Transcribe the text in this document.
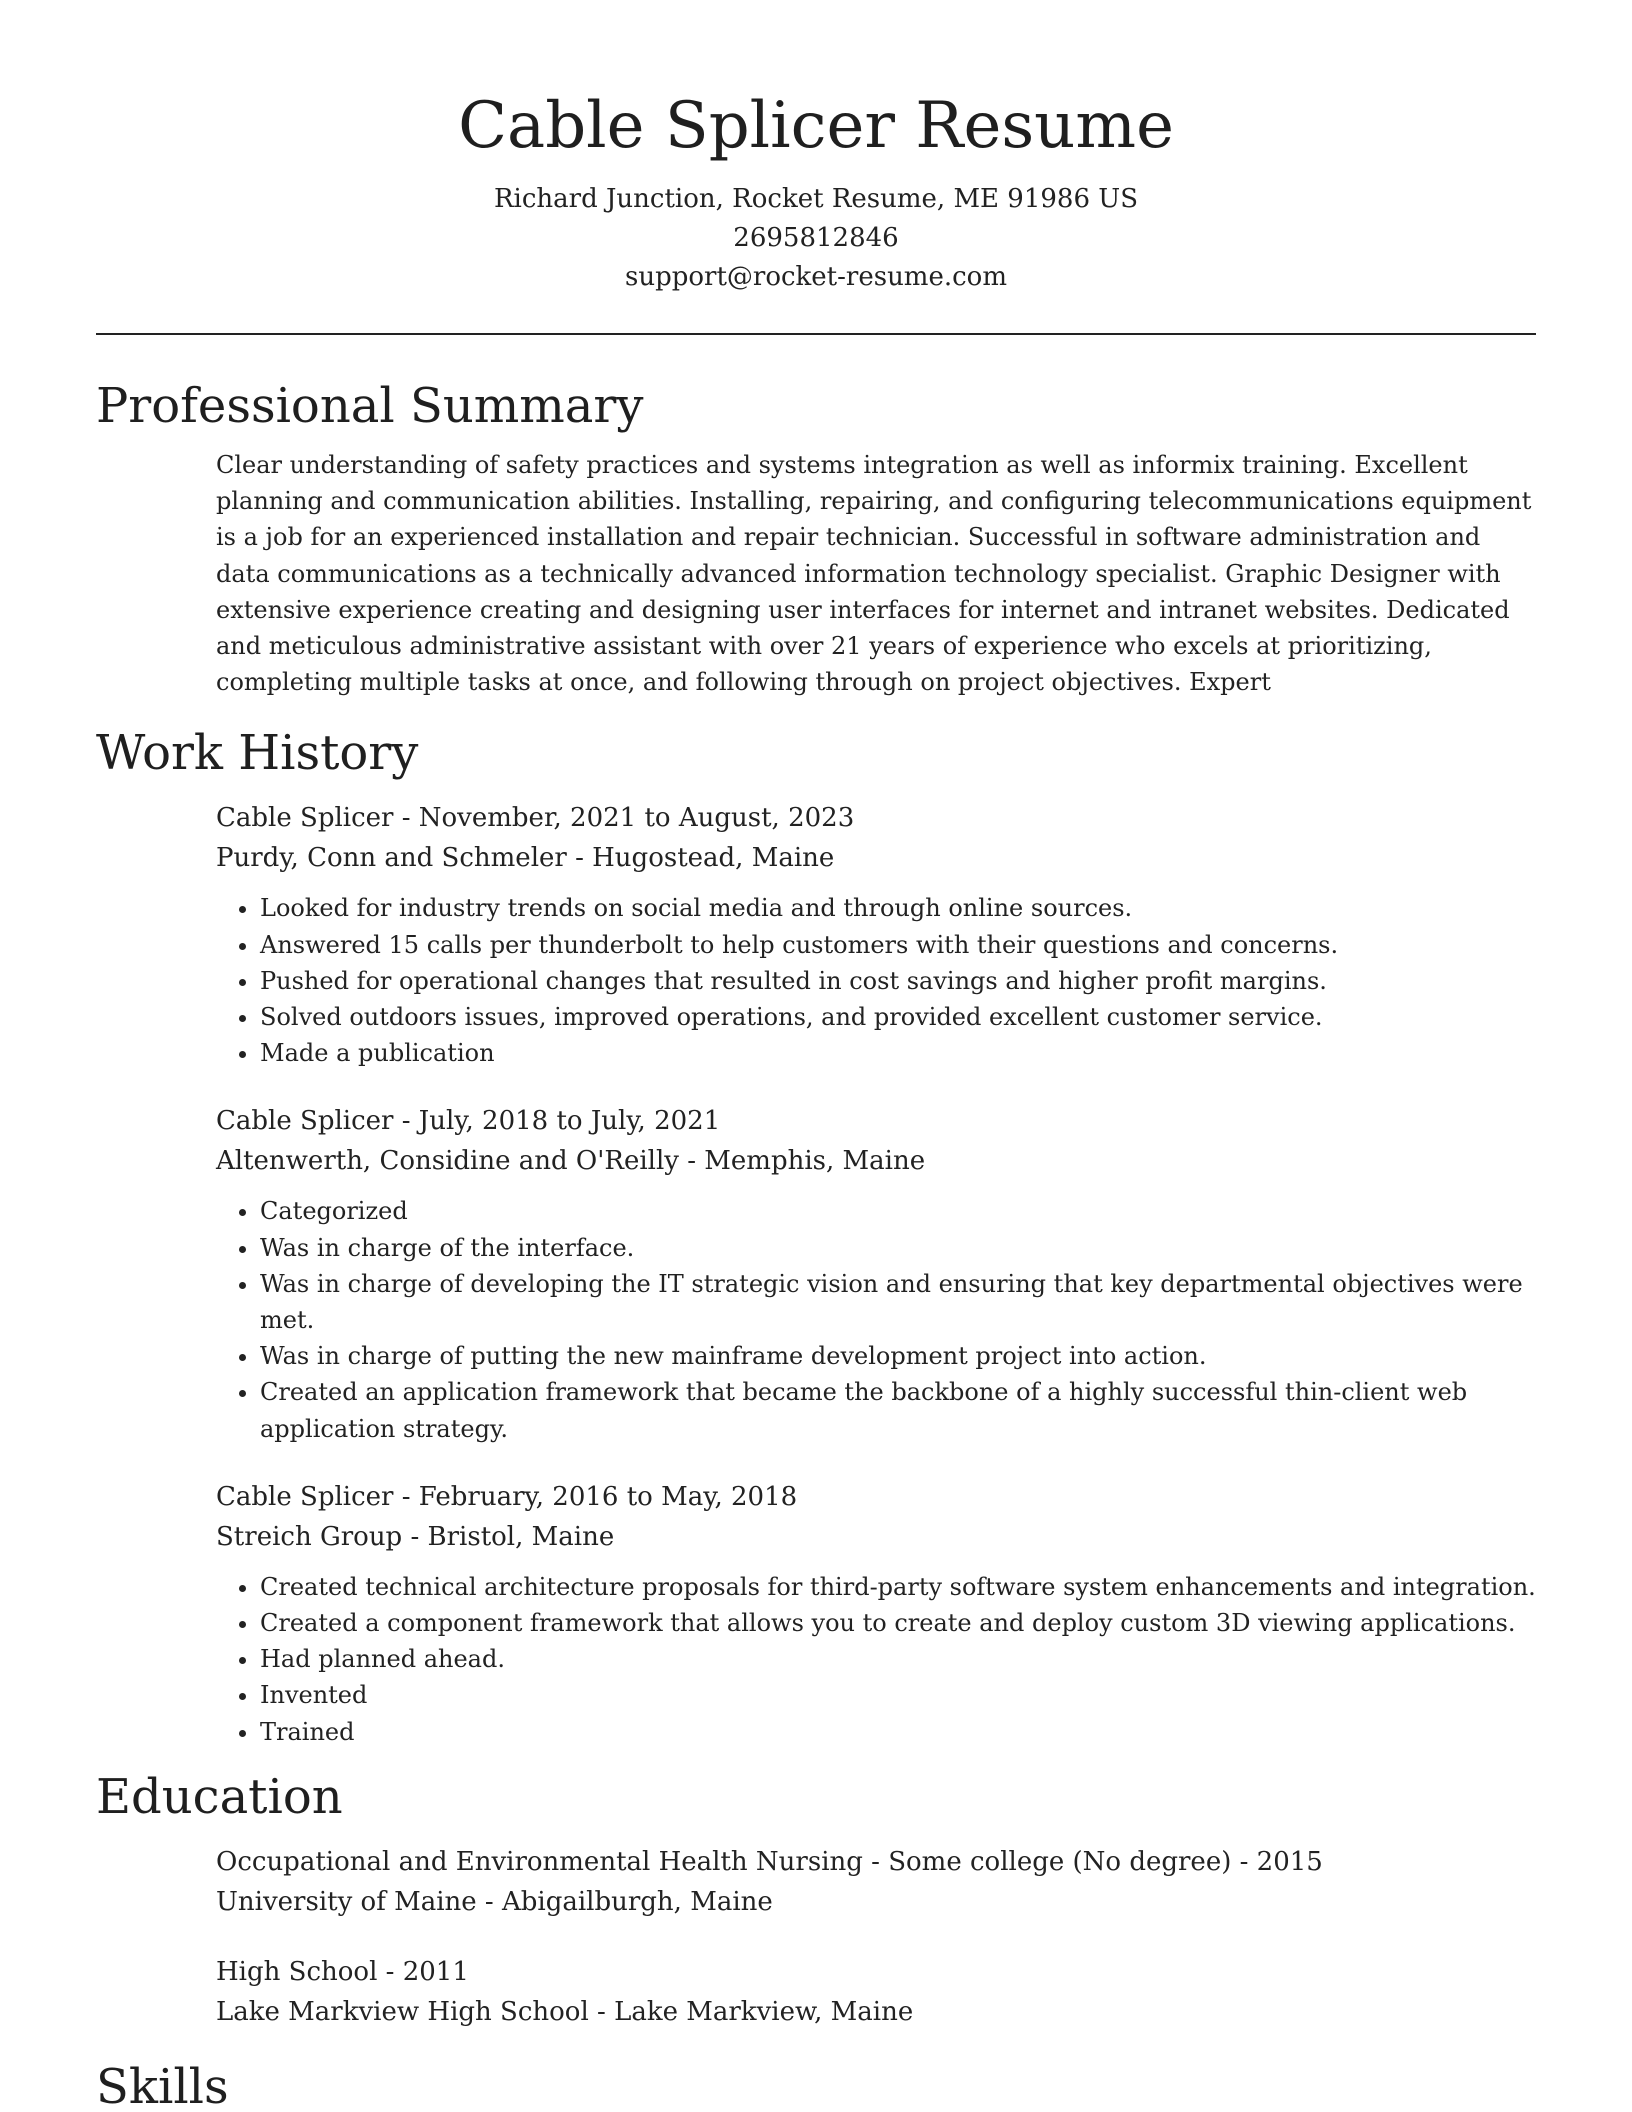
Cable Splicer Resume
Richard Junction, Rocket Resume, ME 91986 US
2695812846
support@rocket-resume.com
Professional Summary

Clear understanding of safety practices and systems integration as well as informix training. Excellent planning and communication abilities. Installing, repairing, and configuring telecommunications equipment is a job for an experienced installation and repair technician. Successful in software administration and data communications as a technically advanced information technology specialist. Graphic Designer with extensive experience creating and designing user interfaces for internet and intranet websites. Dedicated and meticulous administrative assistant with over 21 years of experience who excels at prioritizing, completing multiple tasks at once, and following through on project objectives. Expert

Work History
Cable Splicer - November, 2021 to August, 2023
Purdy, Conn and Schmeler - Hugostead, Maine
• Looked for industry trends on social media and through online sources.
• Answered 15 calls per thunderbolt to help customers with their questions and concerns.
• Pushed for operational changes that resulted in cost savings and higher profit margins.
• Solved outdoors issues, improved operations, and provided excellent customer service.
• Made a publication
Cable Splicer - July, 2018 to July, 2021
Altenwerth, Considine and O'Reilly - Memphis, Maine
• Categorized
• Was in charge of the interface.
• Was in charge of developing the IT strategic vision and ensuring that key departmental objectives were met.
• Was in charge of putting the new mainframe development project into action.
• Created an application framework that became the backbone of a highly successful thin-client web application strategy.
Cable Splicer - February, 2016 to May, 2018
Streich Group - Bristol, Maine
• Created technical architecture proposals for third-party software system enhancements and integration.
• Created a component framework that allows you to create and deploy custom 3D viewing applications.
• Had planned ahead.
• Invented
• Trained
Education
Occupational and Environmental Health Nursing - Some college (No degree) - 2015
University of Maine - Abigailburgh, Maine
High School - 2011
Lake Markview High School - Lake Markview, Maine
Skills
